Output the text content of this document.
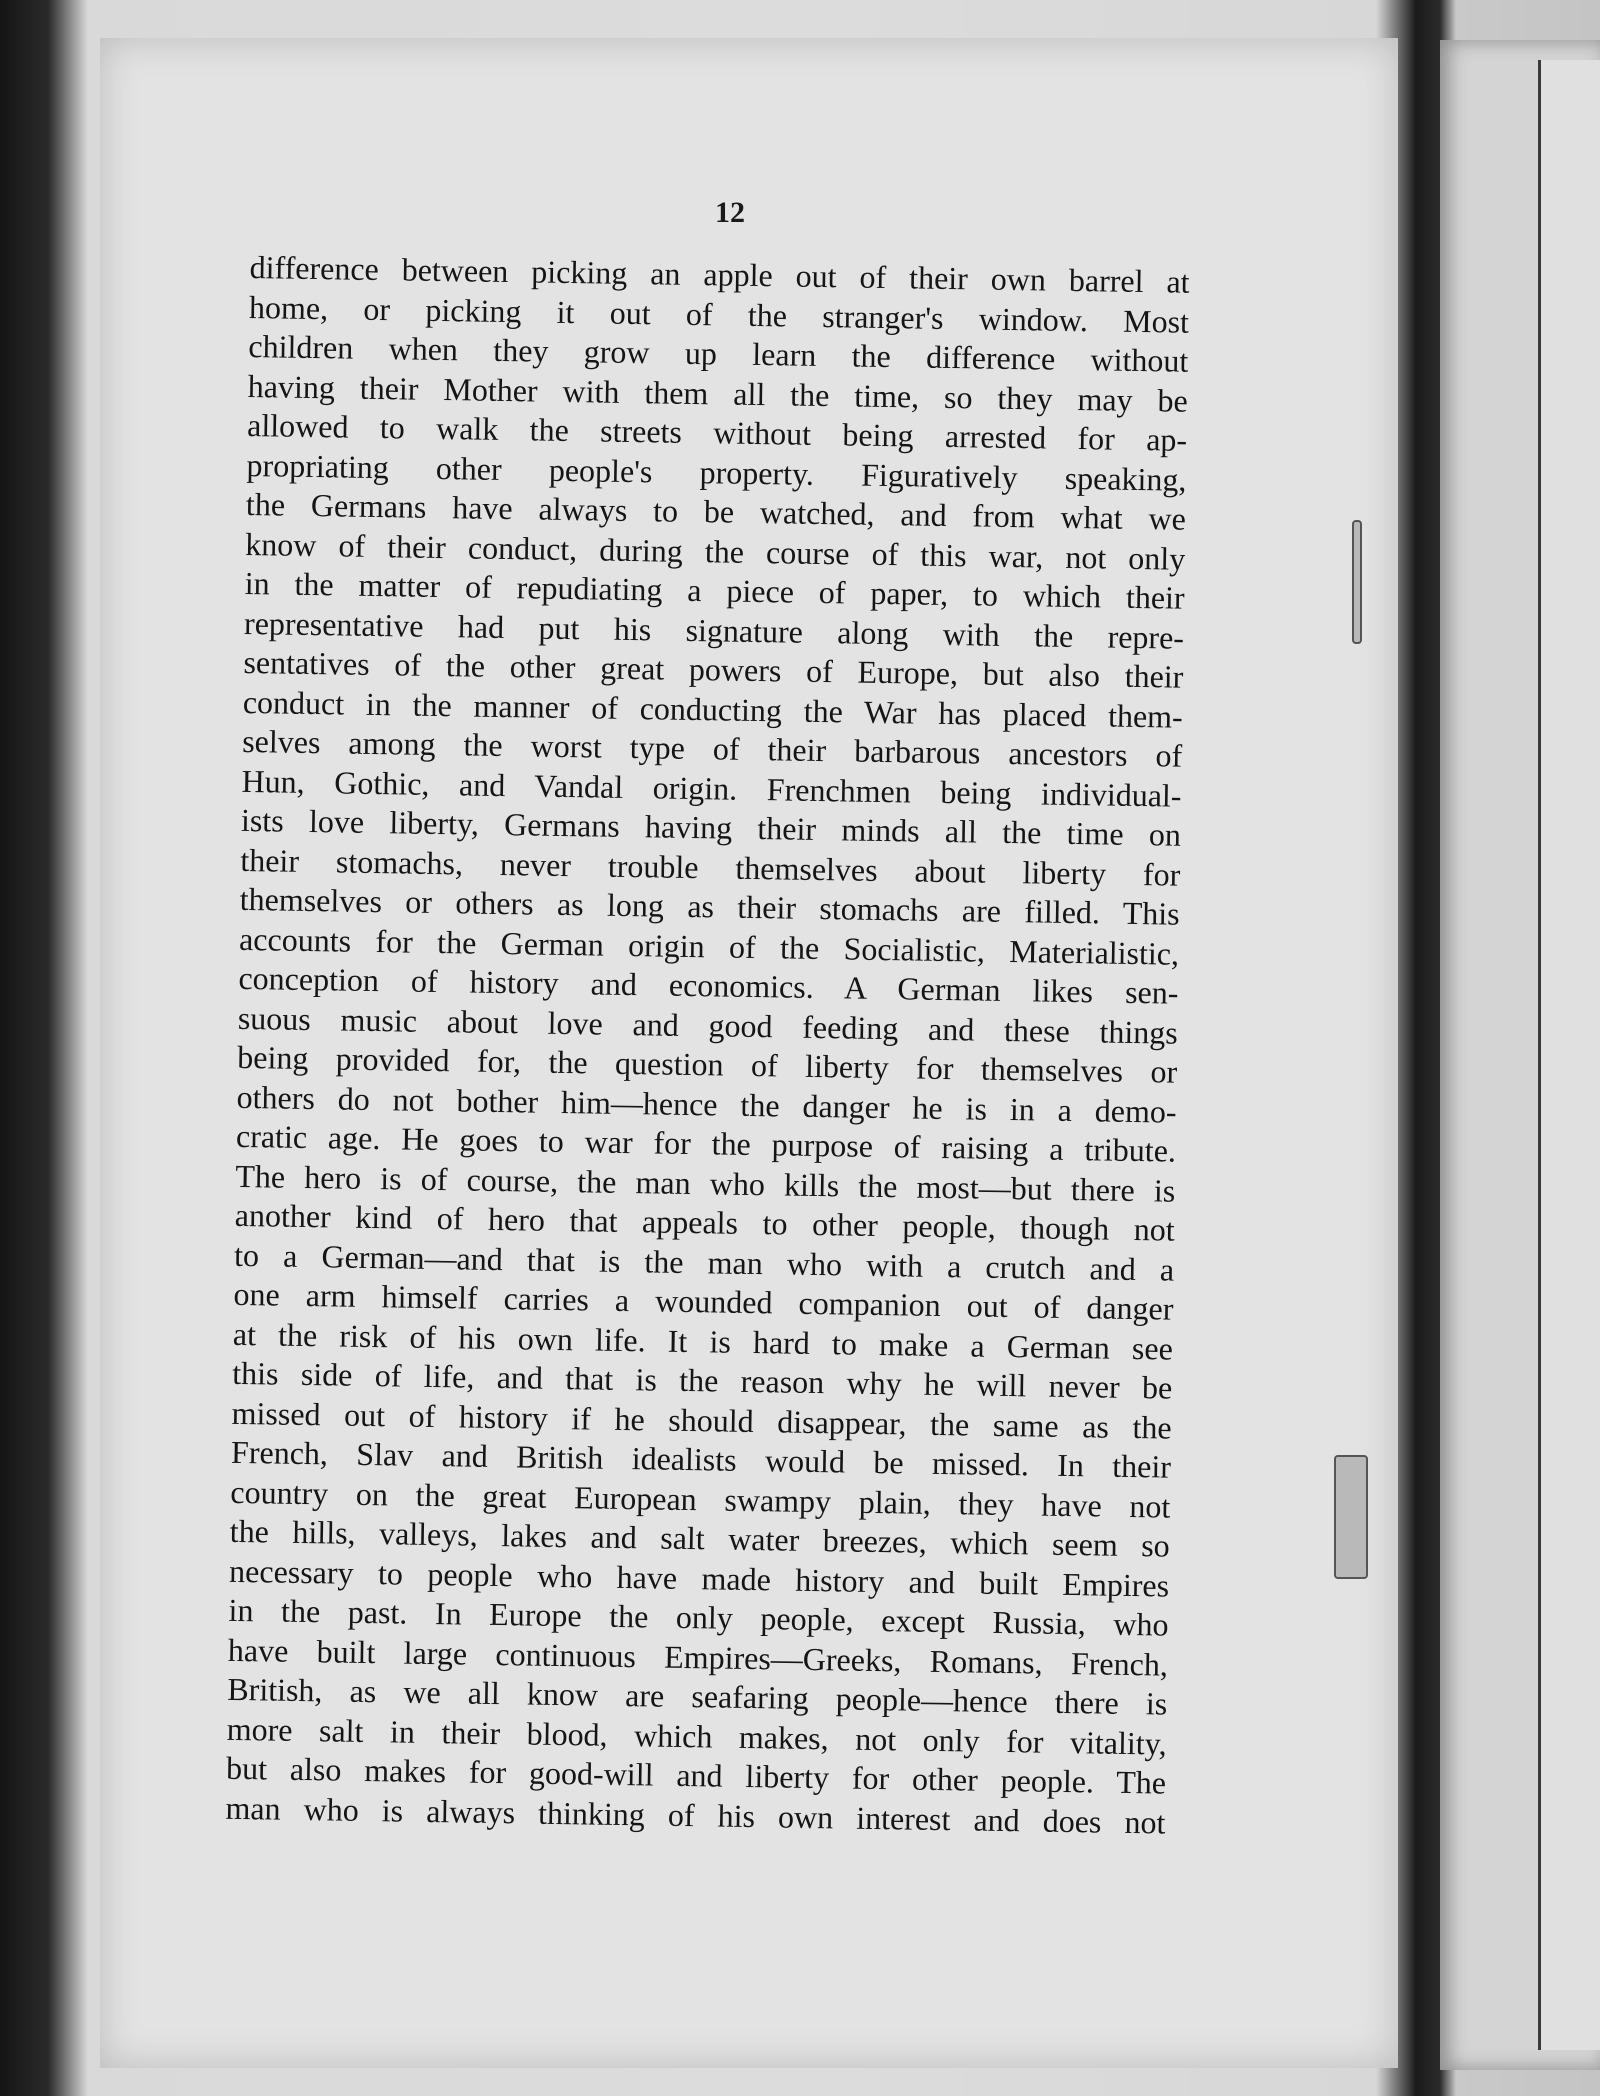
12
difference between picking an apple out of their own barrel at
home, or picking it out of the stranger's window. Most
children when they grow up learn the difference without
having their Mother with them all the time, so they may be
allowed to walk the streets without being arrested for ap-
propriating other people's property. Figuratively speaking,
the Germans have always to be watched, and from what we
know of their conduct, during the course of this war, not only
in the matter of repudiating a piece of paper, to which their
representative had put his signature along with the repre-
sentatives of the other great powers of Europe, but also their
conduct in the manner of conducting the War has placed them-
selves among the worst type of their barbarous ancestors of
Hun, Gothic, and Vandal origin. Frenchmen being individual-
ists love liberty, Germans having their minds all the time on
their stomachs, never trouble themselves about liberty for
themselves or others as long as their stomachs are filled. This
accounts for the German origin of the Socialistic, Materialistic,
conception of history and economics. A German likes sen-
suous music about love and good feeding and these things
being provided for, the question of liberty for themselves or
others do not bother him—hence the danger he is in a demo-
cratic age. He goes to war for the purpose of raising a tribute.
The hero is of course, the man who kills the most—but there is
another kind of hero that appeals to other people, though not
to a German—and that is the man who with a crutch and a
one arm himself carries a wounded companion out of danger
at the risk of his own life. It is hard to make a German see
this side of life, and that is the reason why he will never be
missed out of history if he should disappear, the same as the
French, Slav and British idealists would be missed. In their
country on the great European swampy plain, they have not
the hills, valleys, lakes and salt water breezes, which seem so
necessary to people who have made history and built Empires
in the past. In Europe the only people, except Russia, who
have built large continuous Empires—Greeks, Romans, French,
British, as we all know are seafaring people—hence there is
more salt in their blood, which makes, not only for vitality,
but also makes for good-will and liberty for other people. The
man who is always thinking of his own interest and does not
